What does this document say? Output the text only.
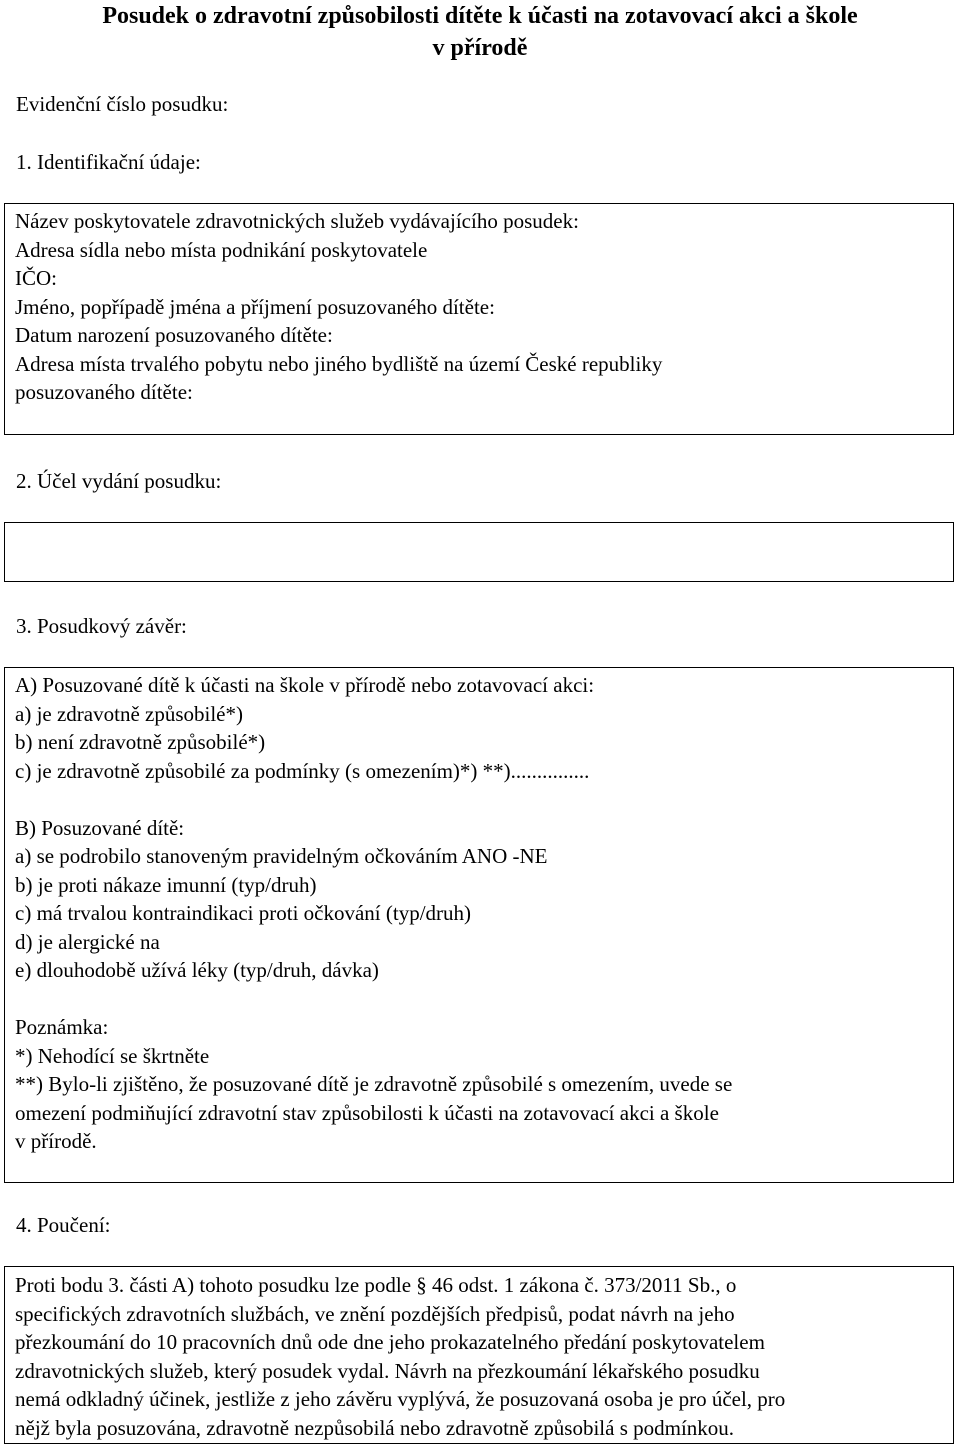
Posudek o zdravotní způsobilosti dítěte k účasti na zotavovací akci a škole
v přírodě
Evidenční číslo posudku:
1. Identifikační údaje:
Název poskytovatele zdravotnických služeb vydávajícího posudek:
Adresa sídla nebo místa podnikání poskytovatele
IČO:
Jméno, popřípadě jména a příjmení posuzovaného dítěte:
Datum narození posuzovaného dítěte:
Adresa místa trvalého pobytu nebo jiného bydliště na území České republiky
posuzovaného dítěte:
2. Účel vydání posudku:
3. Posudkový závěr:
A) Posuzované dítě k účasti na škole v přírodě nebo zotavovací akci:
a) je zdravotně způsobilé*)
b) není zdravotně způsobilé*)
c) je zdravotně způsobilé za podmínky (s omezením)*) **)...............
B) Posuzované dítě:
a) se podrobilo stanoveným pravidelným očkováním ANO -NE
b) je proti nákaze imunní (typ/druh)
c) má trvalou kontraindikaci proti očkování (typ/druh)
d) je alergické na
e) dlouhodobě užívá léky (typ/druh, dávka)
Poznámka:
*) Nehodící se škrtněte
**) Bylo-li zjištěno, že posuzované dítě je zdravotně způsobilé s omezením, uvede se
omezení podmiňující zdravotní stav způsobilosti k účasti na zotavovací akci a škole
v přírodě.
4. Poučení:
Proti bodu 3. části A) tohoto posudku lze podle § 46 odst. 1 zákona č. 373/2011 Sb., o
specifických zdravotních službách, ve znění pozdějších předpisů, podat návrh na jeho
přezkoumání do 10 pracovních dnů ode dne jeho prokazatelného předání poskytovatelem
zdravotnických služeb, který posudek vydal. Návrh na přezkoumání lékařského posudku
nemá odkladný účinek, jestliže z jeho závěru vyplývá, že posuzovaná osoba je pro účel, pro
nějž byla posuzována, zdravotně nezpůsobilá nebo zdravotně způsobilá s podmínkou.
